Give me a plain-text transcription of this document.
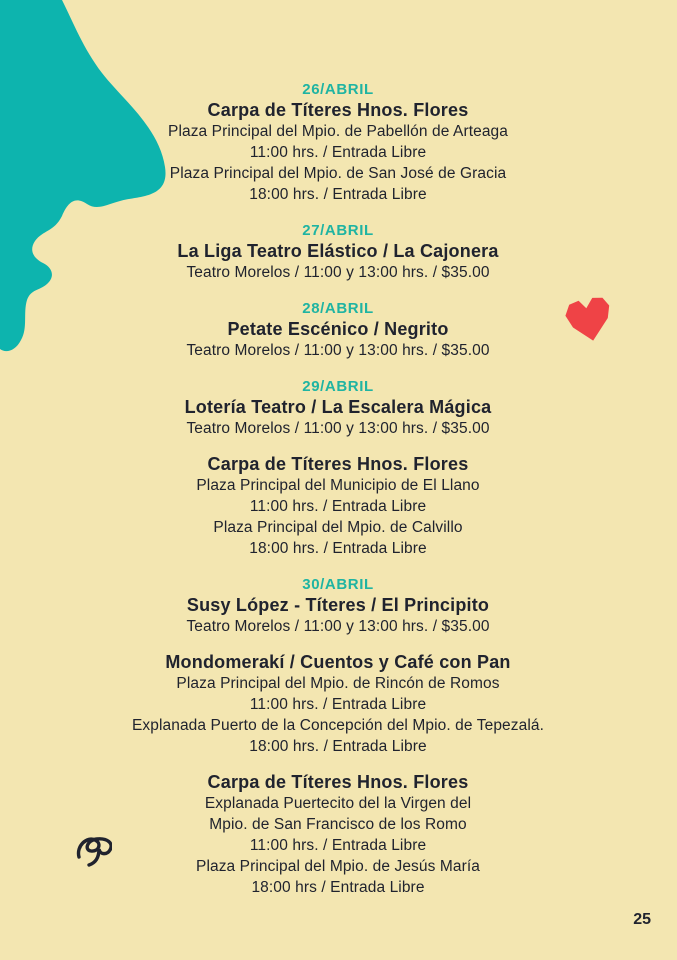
26/ABRIL
Carpa de Títeres Hnos. Flores

Plaza Principal del Mpio. de Pabellón de Arteaga

11:00 hrs. / Entrada Libre

Plaza Principal del Mpio. de San José de Gracia

18:00 hrs. / Entrada Libre

27/ABRIL
La Liga Teatro Elástico / La Cajonera

Teatro Morelos / 11:00 y 13:00 hrs. / $35.00

28/ABRIL
Petate Escénico / Negrito

Teatro Morelos / 11:00 y 13:00 hrs. / $35.00

29/ABRIL
Lotería Teatro / La Escalera Mágica

Teatro Morelos / 11:00 y 13:00 hrs. / $35.00

Carpa de Títeres Hnos. Flores

Plaza Principal del Municipio de El Llano

11:00 hrs. / Entrada Libre

Plaza Principal del Mpio. de Calvillo

18:00 hrs. / Entrada Libre

30/ABRIL
Susy López - Títeres / El Principito

Teatro Morelos / 11:00 y 13:00 hrs. / $35.00

Mondomerakí / Cuentos y Café con Pan

Plaza Principal del Mpio. de Rincón de Romos

11:00 hrs. / Entrada Libre

Explanada Puerto de la Concepción del Mpio. de Tepezalá.

18:00 hrs. / Entrada Libre

Carpa de Títeres Hnos. Flores

Explanada Puertecito del la Virgen del

Mpio. de San Francisco de los Romo

11:00 hrs. / Entrada Libre

Plaza Principal del Mpio. de Jesús María

18:00 hrs / Entrada Libre

25
